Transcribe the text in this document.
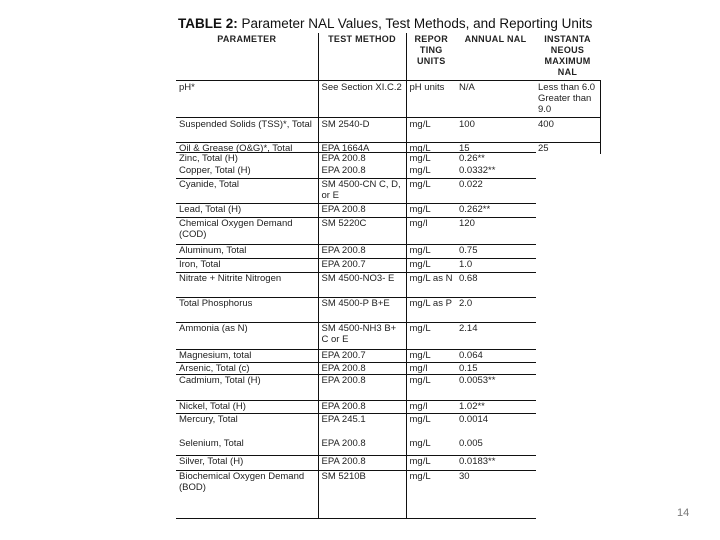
TABLE 2: Parameter NAL Values, Test Methods, and Reporting Units
PARAMETER	TEST METHOD	REPOR TING UNITS	ANNUAL NAL	INSTANTA NEOUS MAXIMUM NAL
pH*	See Section XI.C.2	pH units	N/A	Less than 6.0 Greater than 9.0
Suspended Solids (TSS)*, Total	SM 2540-D	mg/L	100	400
Oil & Grease (O&G)*, Total	EPA 1664A	mg/L	15	25
Zinc, Total (H)	EPA 200.8	mg/L	0.26**
Copper, Total (H)	EPA 200.8	mg/L	0.0332**
Cyanide, Total	SM 4500-CN C, D, or E	mg/L	0.022
Lead, Total (H)	EPA 200.8	mg/L	0.262**
Chemical Oxygen Demand (COD)	SM 5220C	mg/l	120
Aluminum, Total	EPA 200.8	mg/L	0.75
Iron, Total	EPA 200.7	mg/L	1.0
Nitrate + Nitrite Nitrogen	SM 4500-NO3- E	mg/L as N	0.68
Total Phosphorus	SM 4500-P B+E	mg/L as P	2.0
Ammonia (as N)	SM 4500-NH3 B+ C or E	mg/L	2.14
Magnesium, total	EPA 200.7	mg/L	0.064
Arsenic, Total (c)	EPA 200.8	mg/l	0.15
Cadmium, Total (H)	EPA 200.8	mg/L	0.0053**
Nickel, Total (H)	EPA 200.8	mg/l	1.02**
Mercury, Total	EPA 245.1	mg/L	0.0014
Selenium, Total	EPA 200.8	mg/L	0.005
Silver, Total (H)	EPA 200.8	mg/L	0.0183**
Biochemical Oxygen Demand (BOD)	SM 5210B	mg/L	30
14
